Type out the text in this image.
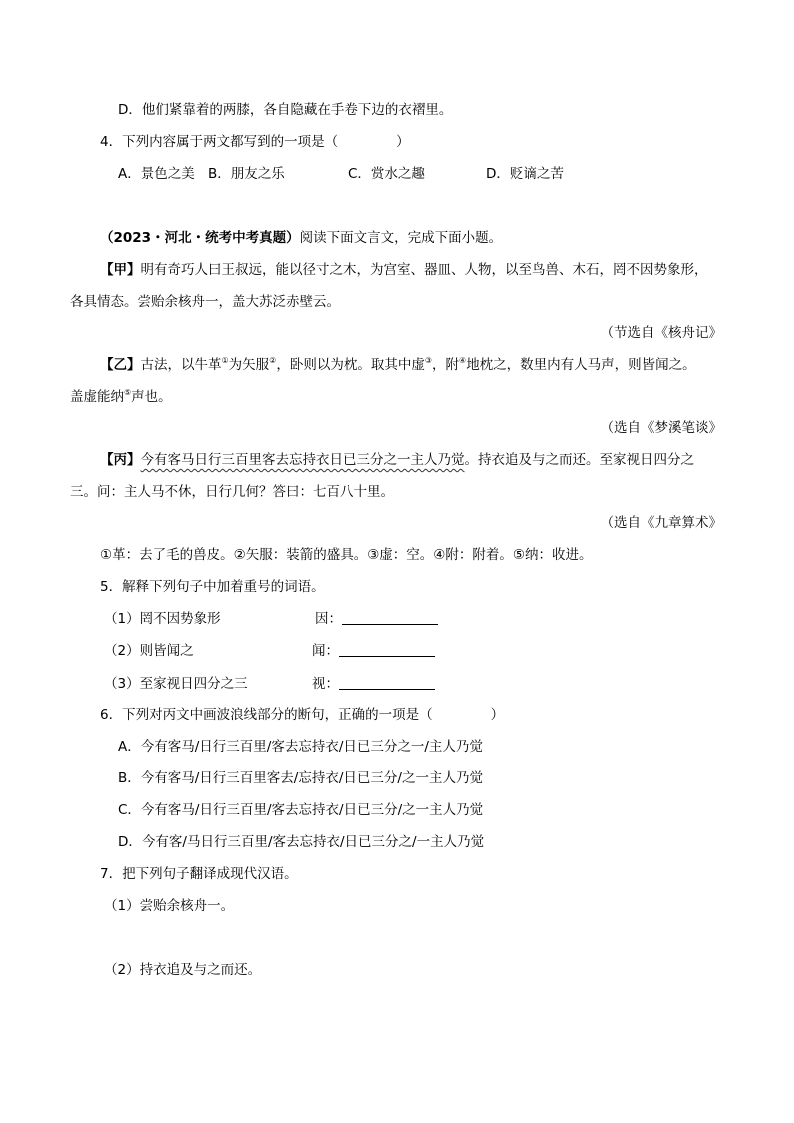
D．他们紧靠着的两膝，各自隐藏在手卷下边的衣褶里。
4．下列内容属于两文都写到的一项是（	）
A．景色之美 B．朋友之乐	C．赏水之趣	D．贬谪之苦
（2023・河北・统考中考真题）阅读下面文言文，完成下面小题。
【甲】明有奇巧人曰王叔远，能以径寸之木，为宫室、器皿、人物，以至鸟兽、木石，罔不因势象形，
各具情态。尝贻余核舟一，盖大苏泛赤壁云。
（节选自《核舟记》
【乙】古法，以牛革①为矢服②，卧则以为枕。取其中虚③，附④地枕之，数里内有人马声，则皆闻之。
盖虚能纳⑤声也。
（选自《梦溪笔谈》
【丙】今有客马日行三百里客去忘持衣日已三分之一主人乃觉。持衣追及与之而还。至家视日四分之
三。问：主人马不休，日行几何？答曰：七百八十里。
（选自《九章算术》
①革：去了毛的兽皮。②矢服：装箭的盛具。③虚：空。④附：附着。⑤纳：收进。
5．解释下列句子中加着重号的词语。
（1）罔不因势象形	因：
（2）则皆闻之	闻：
（3）至家视日四分之三	视：
6．下列对丙文中画波浪线部分的断句，正确的一项是（	）
A．今有客马/日行三百里/客去忘持衣/日已三分之一/主人乃觉
B．今有客马/日行三百里客去/忘持衣/日已三分/之一主人乃觉
C．今有客马/日行三百里/客去忘持衣/日已三分/之一主人乃觉
D．今有客/马日行三百里/客去忘持衣/日已三分之/一主人乃觉
7．把下列句子翻译成现代汉语。
（1）尝贻余核舟一。
（2）持衣追及与之而还。
